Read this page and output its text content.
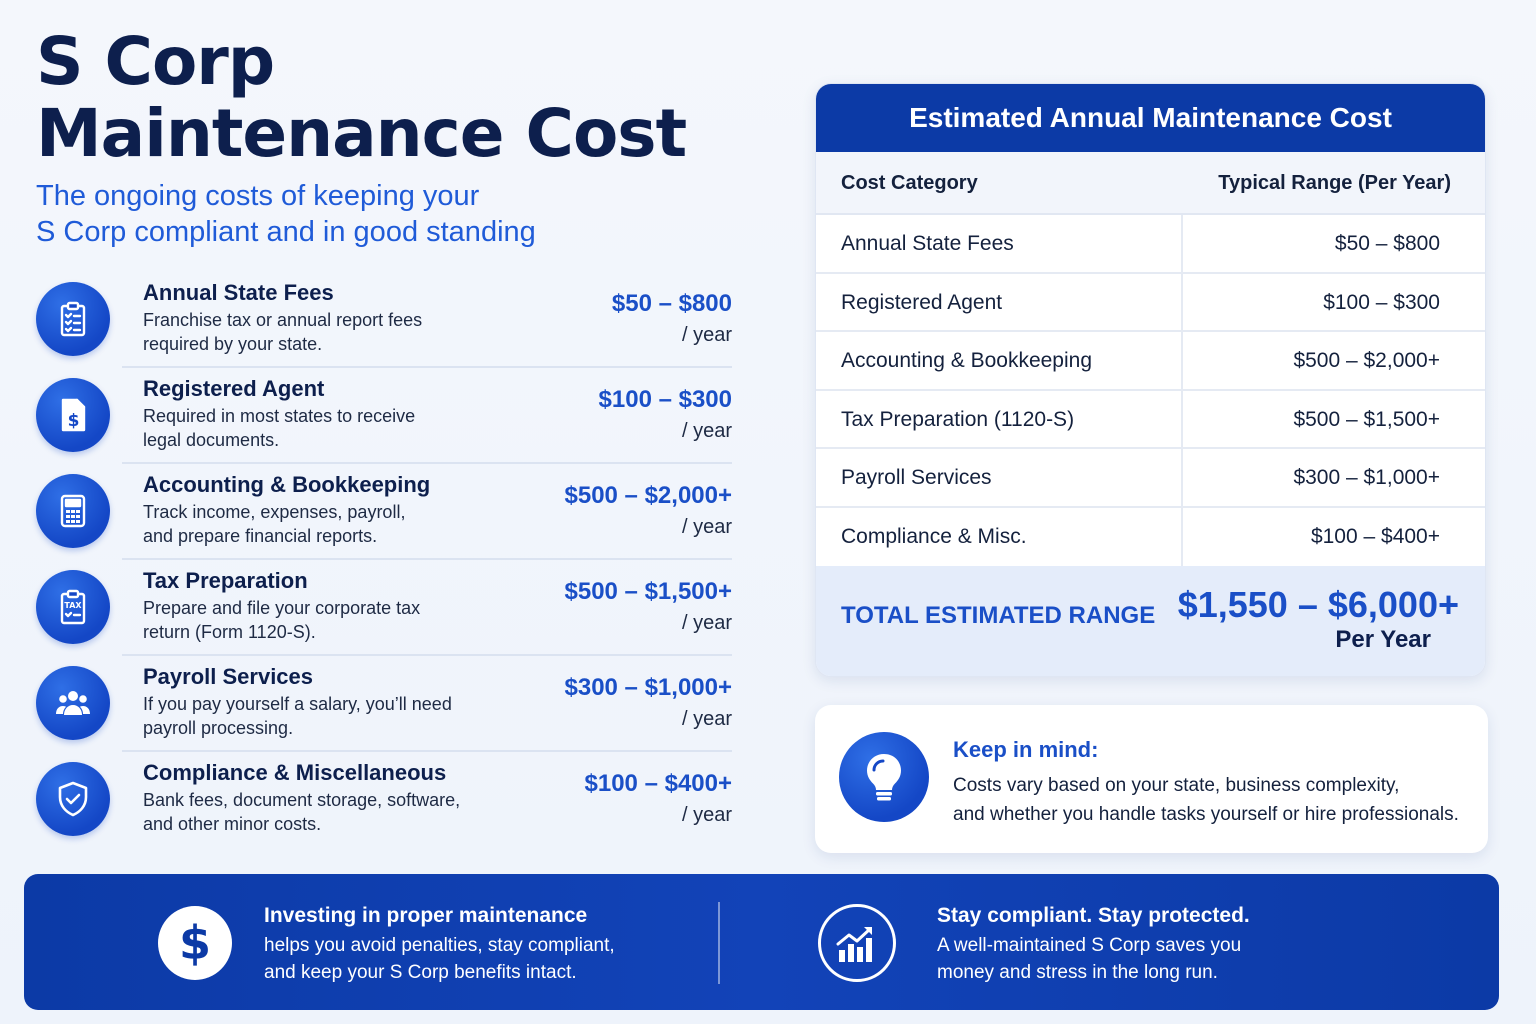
S Corp
Maintenance Cost
The ongoing costs of keeping your
S Corp compliant and in good standing
Annual State Fees
Franchise tax or annual report fees
required by your state.
$50 – $800
/ year
$
Registered Agent
Required in most states to receive
legal documents.
$100 – $300
/ year
Accounting & Bookkeeping
Track income, expenses, payroll,
and prepare financial reports.
$500 – $2,000+
/ year
TAX
Tax Preparation
Prepare and file your corporate tax
return (Form 1120-S).
$500 – $1,500+
/ year
Payroll Services
If you pay yourself a salary, you’ll need
payroll processing.
$300 – $1,000+
/ year
Compliance & Miscellaneous
Bank fees, document storage, software,
and other minor costs.
$100 – $400+
/ year
Estimated Annual Maintenance Cost
Cost Category	Typical Range (Per Year)
Annual State Fees	$50 – $800
Registered Agent	$100 – $300
Accounting & Bookkeeping	$500 – $2,000+
Tax Preparation (1120-S)	$500 – $1,500+
Payroll Services	$300 – $1,000+
Compliance & Misc.	$100 – $400+
TOTAL ESTIMATED RANGE $1,550 – $6,000+
Per Year
Keep in mind:
Costs vary based on your state, business complexity,
and whether you handle tasks yourself or hire professionals.
$
Investing in proper maintenance
helps you avoid penalties, stay compliant,
and keep your S Corp benefits intact.
Stay compliant. Stay protected.
A well-maintained S Corp saves you
money and stress in the long run.
